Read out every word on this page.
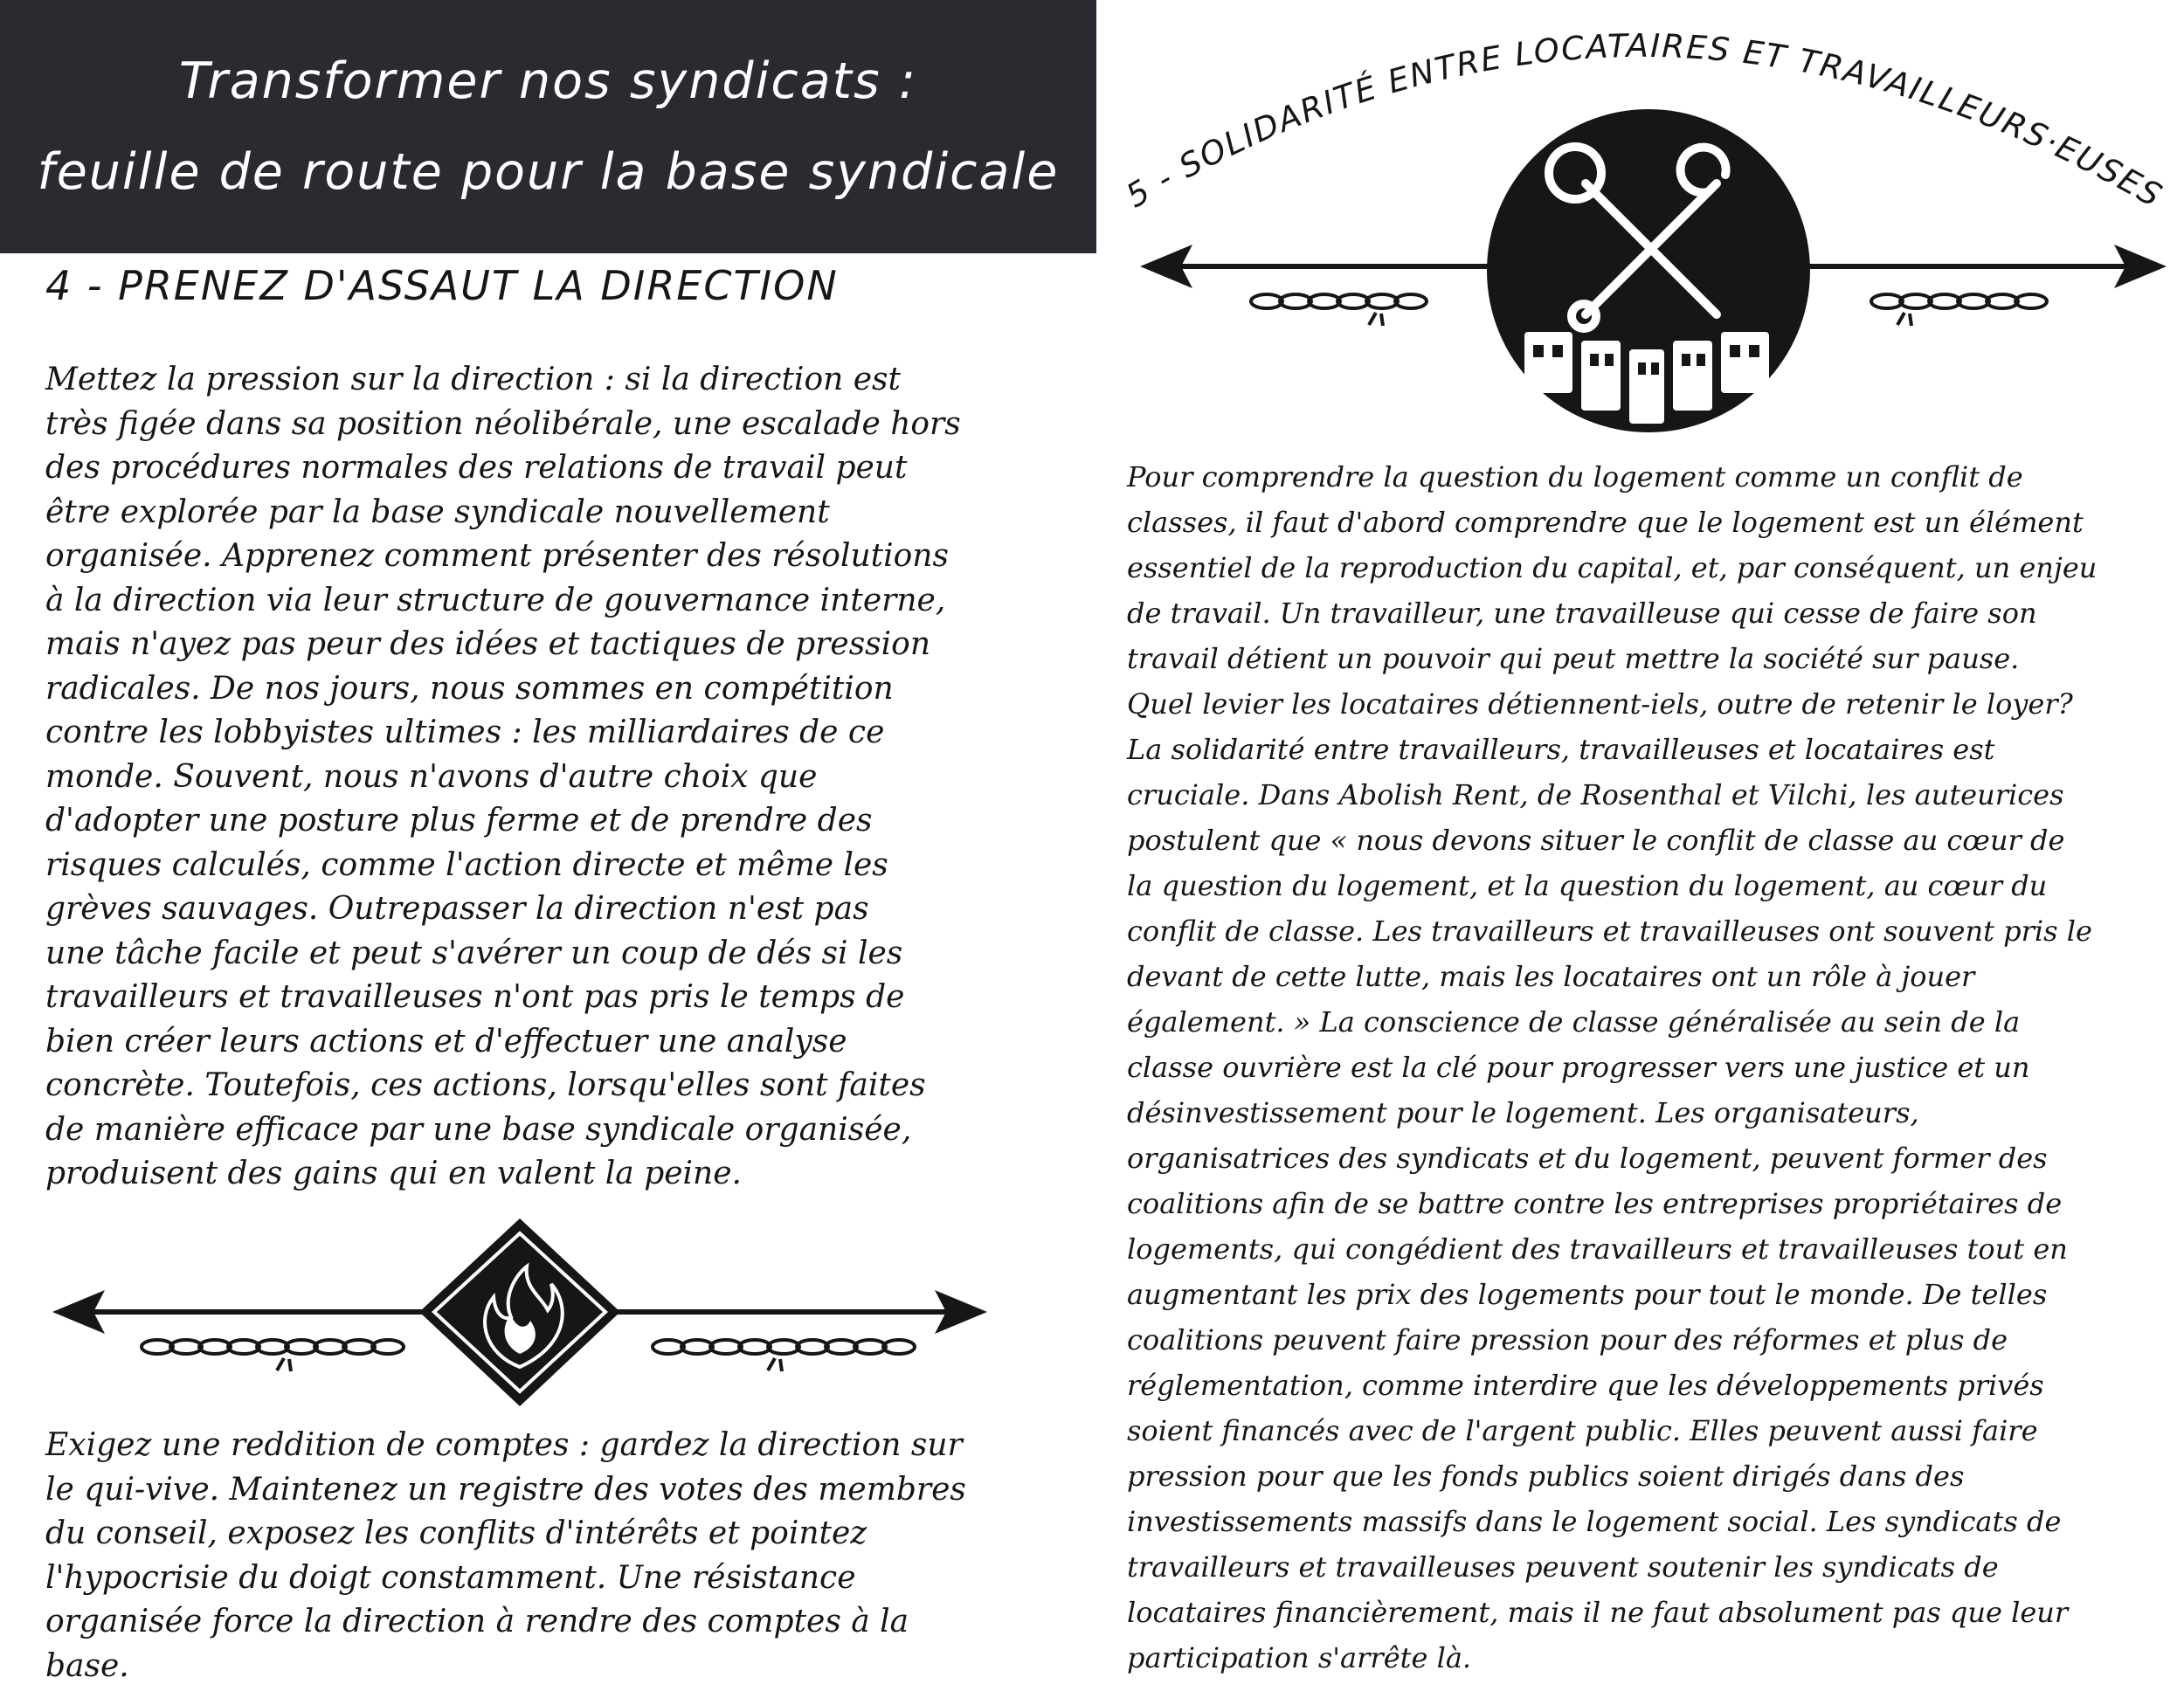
Transformer nos syndicats :
feuille de route pour la base syndicale
4 - PRENEZ D'ASSAUT LA DIRECTION

Mettez la pression sur la direction : si la direction est
très figée dans sa position néolibérale, une escalade hors
des procédures normales des relations de travail peut
être explorée par la base syndicale nouvellement
organisée. Apprenez comment présenter des résolutions
à la direction via leur structure de gouvernance interne,
mais n'ayez pas peur des idées et tactiques de pression
radicales. De nos jours, nous sommes en compétition
contre les lobbyistes ultimes : les milliardaires de ce
monde. Souvent, nous n'avons d'autre choix que
d'adopter une posture plus ferme et de prendre des
risques calculés, comme l'action directe et même les
grèves sauvages. Outrepasser la direction n'est pas
une tâche facile et peut s'avérer un coup de dés si les
travailleurs et travailleuses n'ont pas pris le temps de
bien créer leurs actions et d'effectuer une analyse
concrète. Toutefois, ces actions, lorsqu'elles sont faites
de manière efficace par une base syndicale organisée,
produisent des gains qui en valent la peine.

Exigez une reddition de comptes : gardez la direction sur
le qui-vive. Maintenez un registre des votes des membres
du conseil, exposez les conflits d'intérêts et pointez
l'hypocrisie du doigt constamment. Une résistance
organisée force la direction à rendre des comptes à la
base.

5 - SOLIDARITÉ ENTRE LOCATAIRES ET TRAVAILLEURS·EUSES

Pour comprendre la question du logement comme un conflit de
classes, il faut d'abord comprendre que le logement est un élément
essentiel de la reproduction du capital, et, par conséquent, un enjeu
de travail. Un travailleur, une travailleuse qui cesse de faire son
travail détient un pouvoir qui peut mettre la société sur pause.
Quel levier les locataires détiennent-iels, outre de retenir le loyer?
La solidarité entre travailleurs, travailleuses et locataires est
cruciale. Dans Abolish Rent, de Rosenthal et Vilchi, les auteurices
postulent que « nous devons situer le conflit de classe au cœur de
la question du logement, et la question du logement, au cœur du
conflit de classe. Les travailleurs et travailleuses ont souvent pris le
devant de cette lutte, mais les locataires ont un rôle à jouer
également. » La conscience de classe généralisée au sein de la
classe ouvrière est la clé pour progresser vers une justice et un
désinvestissement pour le logement. Les organisateurs,
organisatrices des syndicats et du logement, peuvent former des
coalitions afin de se battre contre les entreprises propriétaires de
logements, qui congédient des travailleurs et travailleuses tout en
augmentant les prix des logements pour tout le monde. De telles
coalitions peuvent faire pression pour des réformes et plus de
réglementation, comme interdire que les développements privés
soient financés avec de l'argent public. Elles peuvent aussi faire
pression pour que les fonds publics soient dirigés dans des
investissements massifs dans le logement social. Les syndicats de
travailleurs et travailleuses peuvent soutenir les syndicats de
locataires financièrement, mais il ne faut absolument pas que leur
participation s'arrête là.
